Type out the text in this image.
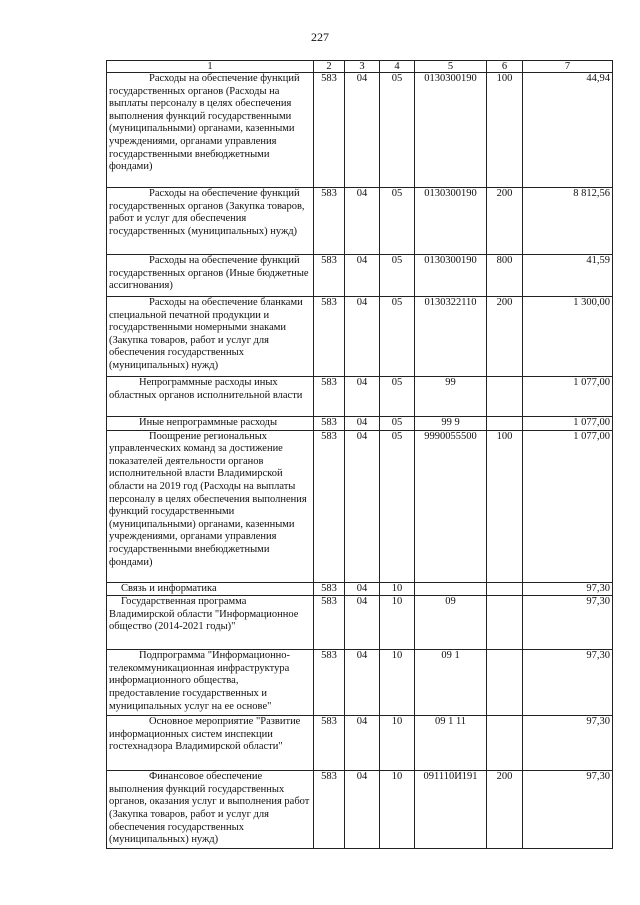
227
1	2	3	4	5	6	7
Расходы на обеспечение функций государственных органов (Расходы на выплаты персоналу в целях обеспечения выполнения функций государственными (муниципальными) органами, казенными учреждениями, органами управления государственными внебюджетными фондами)	583	04	05	0130300190	100	44,94
Расходы на обеспечение функций государственных органов (Закупка товаров, работ и услуг для обеспечения государственных (муниципальных) нужд)	583	04	05	0130300190	200	8 812,56
Расходы на обеспечение функций государственных органов (Иные бюджетные ассигнования)	583	04	05	0130300190	800	41,59
Расходы на обеспечение бланками специальной печатной продукции и государственными номерными знаками (Закупка товаров, работ и услуг для обеспечения государственных (муниципальных) нужд)	583	04	05	0130322110	200	1 300,00
Непрограммные расходы иных областных органов исполнительной власти	583	04	05	99		1 077,00
Иные непрограммные расходы	583	04	05	99 9		1 077,00
Поощрение региональных управленческих команд за достижение показателей деятельности органов исполнительной власти Владимирской области на 2019 год (Расходы на выплаты персоналу в целях обеспечения выполнения функций государственными (муниципальными) органами, казенными учреждениями, органами управления государственными внебюджетными фондами)	583	04	05	9990055500	100	1 077,00
Связь и информатика	583	04	10			97,30
Государственная программа Владимирской области "Информационное общество (2014-2021 годы)"	583	04	10	09		97,30
Подпрограмма "Информационно-телекоммуникационная инфраструктура информационного общества, предоставление государственных и муниципальных услуг на ее основе"	583	04	10	09 1		97,30
Основное мероприятие "Развитие информационных систем инспекции гостехнадзора Владимирской области"	583	04	10	09 1 11		97,30
Финансовое обеспечение выполнения функций государственных органов, оказания услуг и выполнения работ (Закупка товаров, работ и услуг для обеспечения государственных (муниципальных) нужд)	583	04	10	091110И191	200	97,30
